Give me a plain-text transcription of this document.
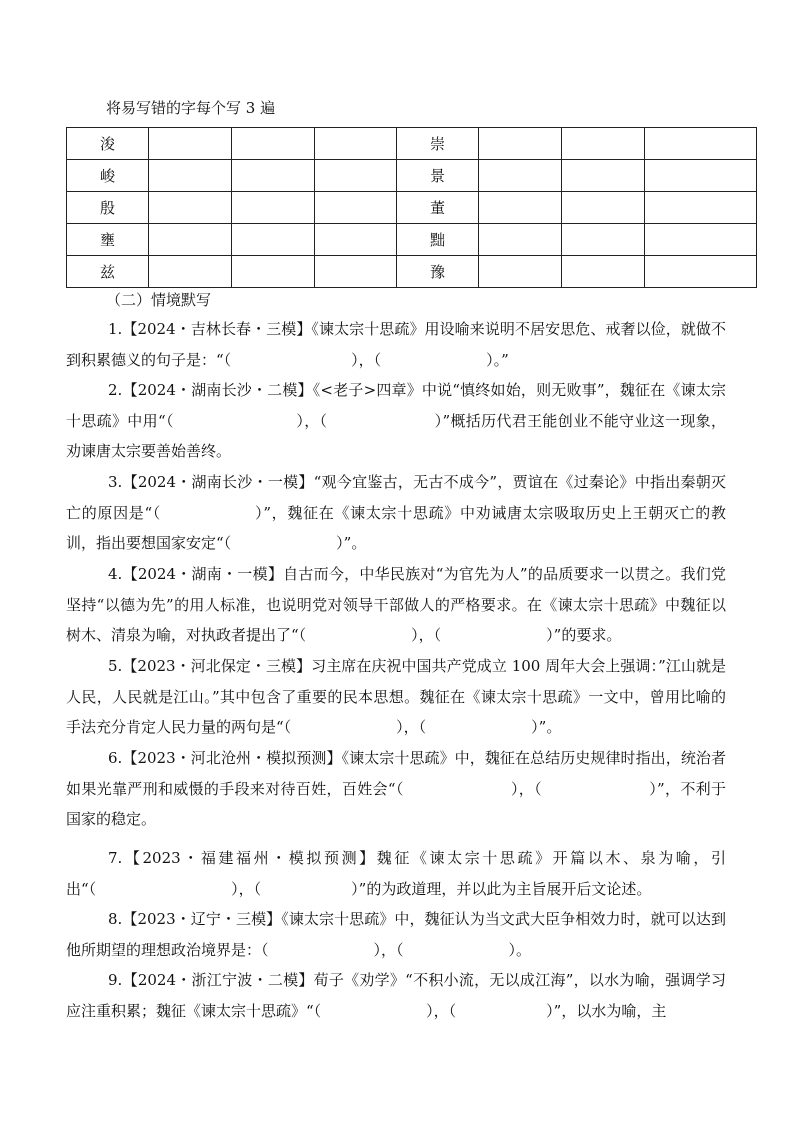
将易写错的字每个写 3 遍
浚				崇			
峻				景			
殷				董			
壅				黜			
兹				豫			
（二）情境默写

1.【2024・吉林长春・三模】《谏太宗十思疏》用设喻来说明不居安思危、戒奢以俭，就做不到积累德义的句子是：“（　　　　　　　　），（　　　　　　　）。”

2.【2024・湖南长沙・二模】《<老子>四章》中说“慎终如始，则无败事”，魏征在《谏太宗十思疏》中用“（　　　　　　　　），（　　　　　　　）”概括历代君王能创业不能守业这一现象，劝谏唐太宗要善始善终。

3.【2024・湖南长沙・一模】“观今宜鉴古，无古不成今”，贾谊在《过秦论》中指出秦朝灭亡的原因是“（　　　　　　）”，魏征在《谏太宗十思疏》中劝诫唐太宗吸取历史上王朝灭亡的教训，指出要想国家安定“（　　　　　　　）”。

4.【2024・湖南・一模】自古而今，中华民族对“为官先为人”的品质要求一以贯之。我们党坚持“以德为先”的用人标准，也说明党对领导干部做人的严格要求。在《谏太宗十思疏》中魏征以树木、清泉为喻，对执政者提出了“（　　　　　　　），（　　　　　　　）”的要求。

5.【2023・河北保定・三模】习主席在庆祝中国共产党成立 100 周年大会上强调：”江山就是人民，人民就是江山。”其中包含了重要的民本思想。魏征在《谏太宗十思疏》一文中，曾用比喻的手法充分肯定人民力量的两句是“（　　　　　　　），（　　　　　　　）”。

6.【2023・河北沧州・模拟预测】《谏太宗十思疏》中，魏征在总结历史规律时指出，统治者如果光靠严刑和威慑的手段来对待百姓，百姓会“（　　　　　　　），（　　　　　　　）”，不利于国家的稳定。

7.【2023・福建福州・模拟预测】魏征《谏太宗十思疏》开篇以木、泉为喻，引出“（　　　　　　　　　），（　　　　　　）”的为政道理，并以此为主旨展开后文论述。

8.【2023・辽宁・三模】《谏太宗十思疏》中，魏征认为当文武大臣争相效力时，就可以达到他所期望的理想政治境界是：（　　　　　　　），（　　　　　　　）。

9.【2024・浙江宁波・二模】荀子《劝学》“不积小流，无以成江海”，以水为喻，强调学习应注重积累；魏征《谏太宗十思疏》“（　　　　　　　），（　　　　　　）”，以水为喻，主
